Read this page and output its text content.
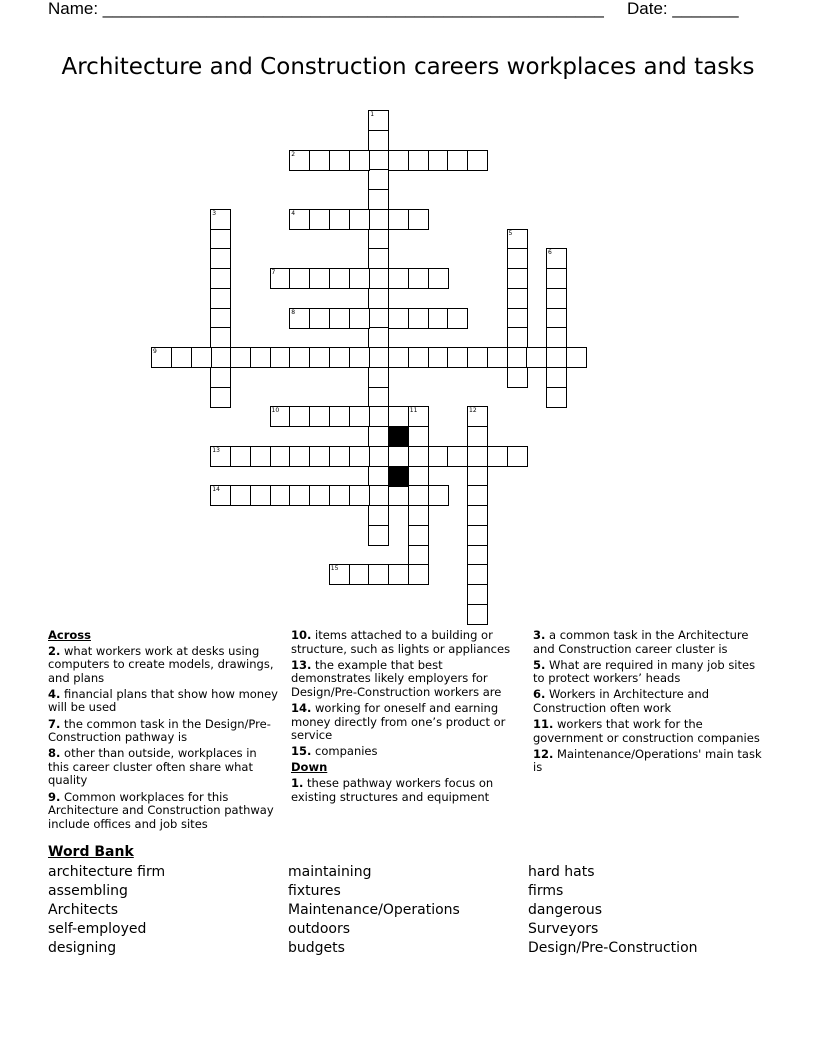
Name: _____________________________________________________ Date: _______
Architecture and Construction careers workplaces and tasks
1
2
3	4
5
6
7
8
9
10	11	12
13
14
15
Across
2. what workers work at desks using computers to create models, drawings, and plans
4. financial plans that show how money will be used
7. the common task in the Design/Pre-Construction pathway is
8. other than outside, workplaces in this career cluster often share what quality
9. Common workplaces for this Architecture and Construction pathway include offices and job sites
10. items attached to a building or structure, such as lights or appliances
13. the example that best demonstrates likely employers for Design/Pre-Construction workers are
14. working for oneself and earning money directly from one’s product or service
15. companies
Down
1. these pathway workers focus on existing structures and equipment
3. a common task in the Architecture and Construction career cluster is
5. What are required in many job sites to protect workers’ heads
6. Workers in Architecture and Construction often work
11. workers that work for the government or construction companies
12. Maintenance/Operations' main task is
Word Bank
architecture firm
assembling
Architects
self-employed
designing
maintaining
fixtures
Maintenance/Operations
outdoors
budgets
hard hats
firms
dangerous
Surveyors
Design/Pre-Construction
